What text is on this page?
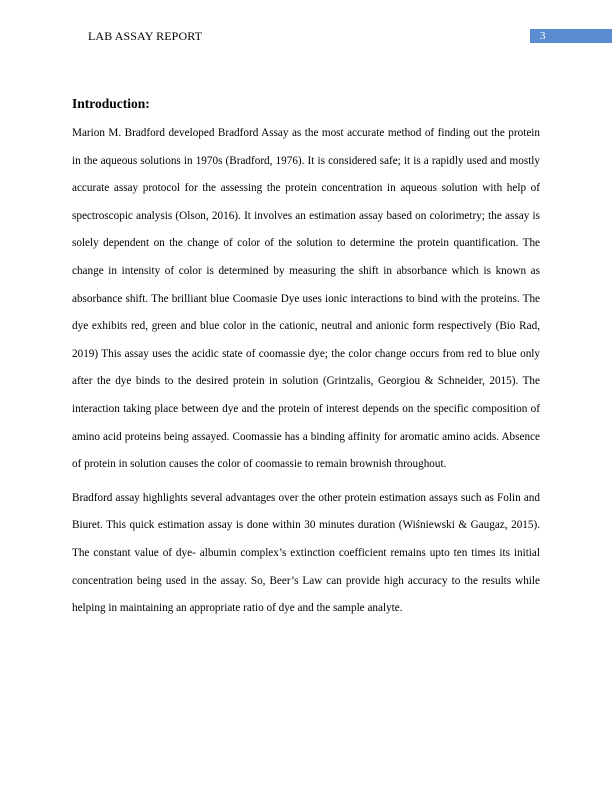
LAB ASSAY REPORT	3
Introduction:

Marion M. Bradford developed Bradford Assay as the most accurate method of finding out the protein in the aqueous solutions in 1970s (Bradford, 1976). It is considered safe; it is a rapidly used and mostly accurate assay protocol for the assessing the protein concentration in aqueous solution with help of spectroscopic analysis (Olson, 2016). It involves an estimation assay based on colorimetry; the assay is solely dependent on the change of color of the solution to determine the protein quantification. The change in intensity of color is determined by measuring the shift in absorbance which is known as absorbance shift. The brilliant blue Coomasie Dye uses ionic interactions to bind with the proteins. The dye exhibits red, green and blue color in the cationic, neutral and anionic form respectively (Bio Rad, 2019) This assay uses the acidic state of coomassie dye; the color change occurs from red to blue only after the dye binds to the desired protein in solution (Grintzalis, Georgiou & Schneider, 2015). The interaction taking place between dye and the protein of interest depends on the specific composition of amino acid proteins being assayed. Coomassie has a binding affinity for aromatic amino acids. Absence of protein in solution causes the color of coomassie to remain brownish throughout.

Bradford assay highlights several advantages over the other protein estimation assays such as Folin and Biuret. This quick estimation assay is done within 30 minutes duration (Wiśniewski & Gaugaz, 2015). The constant value of dye- albumin complex’s extinction coefficient remains upto ten times its initial concentration being used in the assay. So, Beer’s Law can provide high accuracy to the results while helping in maintaining an appropriate ratio of dye and the sample analyte.
